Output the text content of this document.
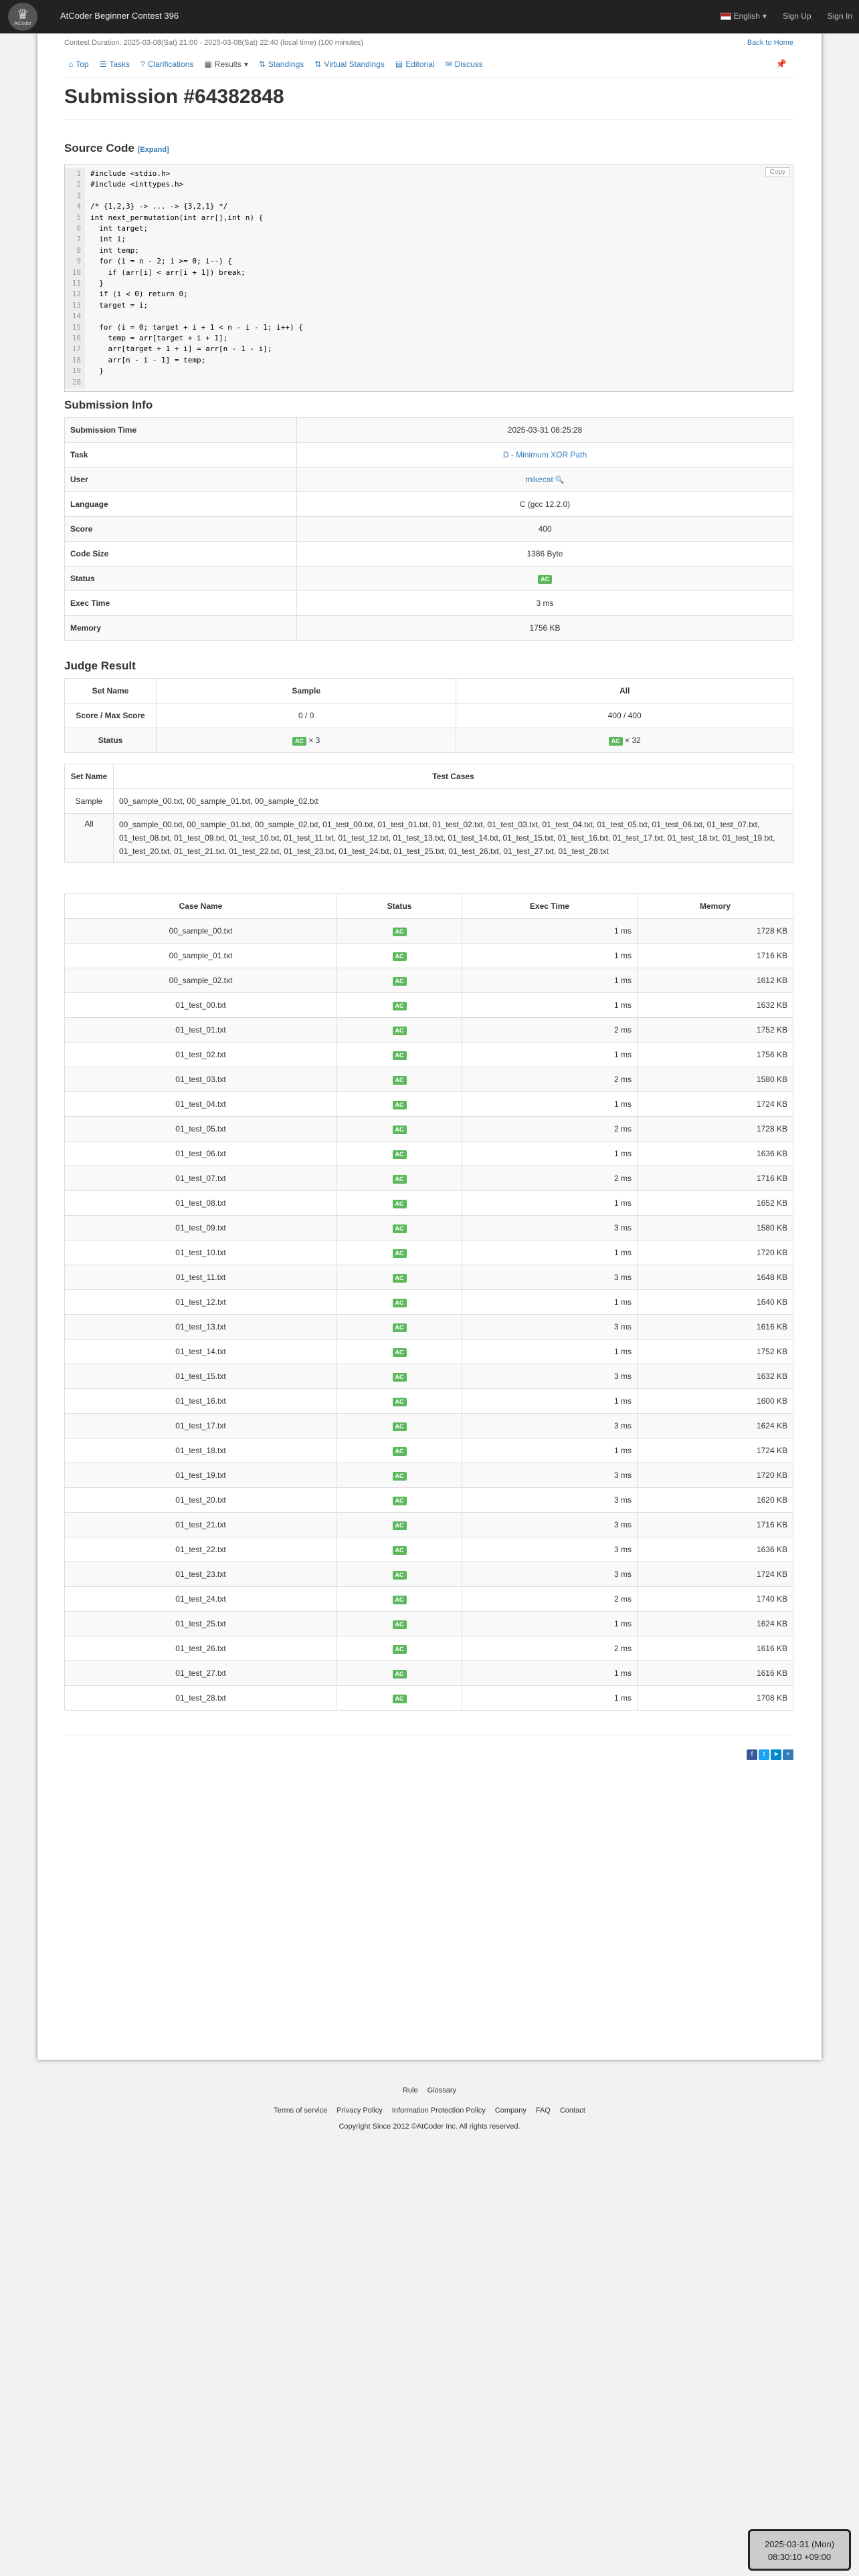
♛
AtCoder
AtCoder Beginner Contest 396	English ▾ Sign Up Sign In
Contest Duration: 2025-03-08(Sat) 21:00 - 2025-03-08(Sat) 22:40 (local time) (100 minutes)	Back to Home
⌂ Top ☰ Tasks ? Clarifications ▦ Results ▾ ⇅ Standings ⇅ Virtual Standings ▤ Editorial ✉ Discuss	📌
Submission #64382848
Source Code [Expand]
Copy
1 #include <stdio.h>
2 #include <inttypes.h>
3
4 /* {1,2,3} -> ... -> {3,2,1} */
5 int next_permutation(int arr[],int n) {
6  int target;
7  int i;
8  int temp;
9  for (i = n - 2; i >= 0; i--) {
10    if (arr[i] < arr[i + 1]) break;
11  }
12  if (i < 0) return 0;
13  target = i;
14
15  for (i = 0; target + i + 1 < n - i - 1; i++) {
16    temp = arr[target + i + 1];
17    arr[target + 1 + i] = arr[n - 1 - i];
18    arr[n - i - 1] = temp;
19  }
20
Submission Info
Submission Time	2025-03-31 08:25:28
Task	D - Minimum XOR Path
User	mikecat 🔍
Language	C (gcc 12.2.0)
Score	400
Code Size	1386 Byte
Status	AC
Exec Time	3 ms
Memory	1756 KB
Judge Result
Set Name	Sample	All
Score / Max Score	0 / 0	400 / 400
Status	AC × 3	AC × 32
Set Name	Test Cases
Sample	00_sample_00.txt, 00_sample_01.txt, 00_sample_02.txt
All	00_sample_00.txt, 00_sample_01.txt, 00_sample_02.txt, 01_test_00.txt, 01_test_01.txt, 01_test_02.txt, 01_test_03.txt, 01_test_04.txt, 01_test_05.txt, 01_test_06.txt, 01_test_07.txt, 01_test_08.txt, 01_test_09.txt, 01_test_10.txt, 01_test_11.txt, 01_test_12.txt, 01_test_13.txt, 01_test_14.txt, 01_test_15.txt, 01_test_16.txt, 01_test_17.txt, 01_test_18.txt, 01_test_19.txt, 01_test_20.txt, 01_test_21.txt, 01_test_22.txt, 01_test_23.txt, 01_test_24.txt, 01_test_25.txt, 01_test_26.txt, 01_test_27.txt, 01_test_28.txt
Case Name	Status	Exec Time	Memory
00_sample_00.txt	AC	1 ms	1728 KB
00_sample_01.txt	AC	1 ms	1716 KB
00_sample_02.txt	AC	1 ms	1612 KB
01_test_00.txt	AC	1 ms	1632 KB
01_test_01.txt	AC	2 ms	1752 KB
01_test_02.txt	AC	1 ms	1756 KB
01_test_03.txt	AC	2 ms	1580 KB
01_test_04.txt	AC	1 ms	1724 KB
01_test_05.txt	AC	2 ms	1728 KB
01_test_06.txt	AC	1 ms	1636 KB
01_test_07.txt	AC	2 ms	1716 KB
01_test_08.txt	AC	1 ms	1652 KB
01_test_09.txt	AC	3 ms	1580 KB
01_test_10.txt	AC	1 ms	1720 KB
01_test_11.txt	AC	3 ms	1648 KB
01_test_12.txt	AC	1 ms	1640 KB
01_test_13.txt	AC	3 ms	1616 KB
01_test_14.txt	AC	1 ms	1752 KB
01_test_15.txt	AC	3 ms	1632 KB
01_test_16.txt	AC	1 ms	1600 KB
01_test_17.txt	AC	3 ms	1624 KB
01_test_18.txt	AC	1 ms	1724 KB
01_test_19.txt	AC	3 ms	1720 KB
01_test_20.txt	AC	3 ms	1620 KB
01_test_21.txt	AC	3 ms	1716 KB
01_test_22.txt	AC	3 ms	1636 KB
01_test_23.txt	AC	3 ms	1724 KB
01_test_24.txt	AC	2 ms	1740 KB
01_test_25.txt	AC	1 ms	1624 KB
01_test_26.txt	AC	2 ms	1616 KB
01_test_27.txt	AC	1 ms	1616 KB
01_test_28.txt	AC	1 ms	1708 KB
f	t	➤	+
Rule Glossary
Terms of service Privacy Policy Information Protection Policy Company FAQ Contact
Copyright Since 2012 ©AtCoder Inc. All rights reserved.
2025-03-31 (Mon)
08:30:10 +09:00
